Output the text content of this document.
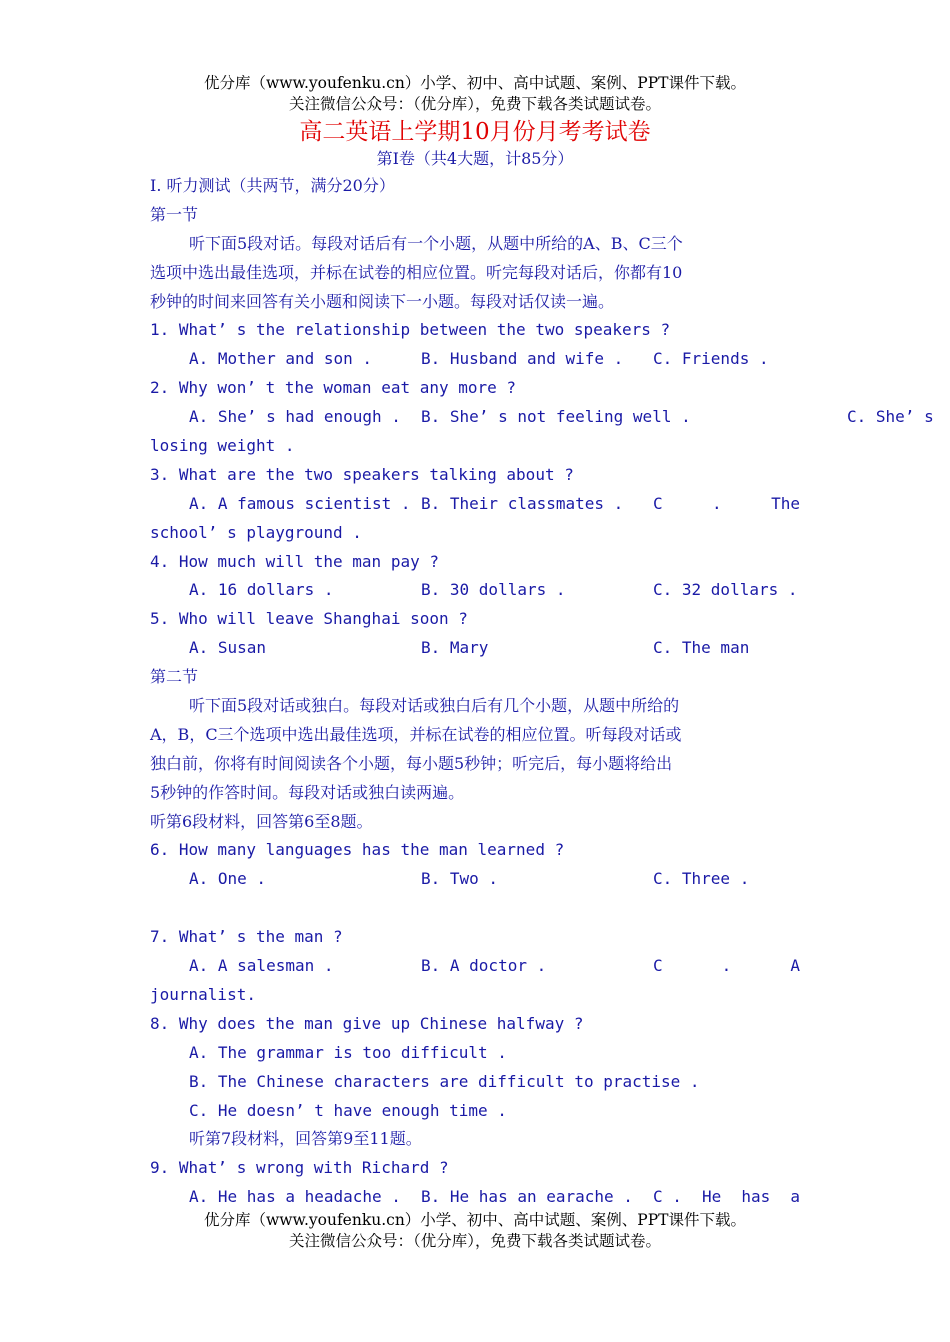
优分库（www.youfenku.cn）小学、初中、高中试题、案例、PPT课件下载。
关注微信公众号：（优分库），免费下载各类试题试卷。
高二英语上学期10月份月考考试卷
第Ⅰ卷（共4大题，计85分）
I. 听力测试（共两节，满分20分）
第一节
听下面5段对话。每段对话后有一个小题，从题中所给的A、B、C三个
选项中选出最佳选项，并标在试卷的相应位置。听完每段对话后，你都有10
秒钟的时间来回答有关小题和阅读下一小题。每段对话仅读一遍。
1. What’ s the relationship between the two speakers ?
A. Mother and son .	B. Husband and wife .	C. Friends .
2. Why won’ t the woman eat any more ?
A. She’ s had enough .	B. She’ s not feeling well .	C. She’ s
losing weight .
3. What are the two speakers talking about ?
A. A famous scientist . B. Their classmates .	C	.	The
school’ s playground .
4. How much will the man pay ?
A. 16 dollars .	B. 30 dollars .	C. 32 dollars .
5. Who will leave Shanghai soon ?
A. Susan	B. Mary	C. The man
第二节
听下面5段对话或独白。每段对话或独白后有几个小题，从题中所给的
A，B，C三个选项中选出最佳选项，并标在试卷的相应位置。听每段对话或
独白前，你将有时间阅读各个小题，每小题5秒钟；听完后，每小题将给出
5秒钟的作答时间。每段对话或独白读两遍。
听第6段材料，回答第6至8题。
6. How many languages has the man learned ?
A. One .	B. Two .	C. Three .
7. What’ s the man ?
A. A salesman .	B. A doctor .	C	.	A
journalist.
8. Why does the man give up Chinese halfway ?
A. The grammar is too difficult .
B. The Chinese characters are difficult to practise .
C. He doesn’ t have enough time .
听第7段材料，回答第9至11题。
9. What’ s wrong with Richard ?
A. He has a headache .	B. He has an earache .	C . He has a
优分库（www.youfenku.cn）小学、初中、高中试题、案例、PPT课件下载。
关注微信公众号：（优分库），免费下载各类试题试卷。
